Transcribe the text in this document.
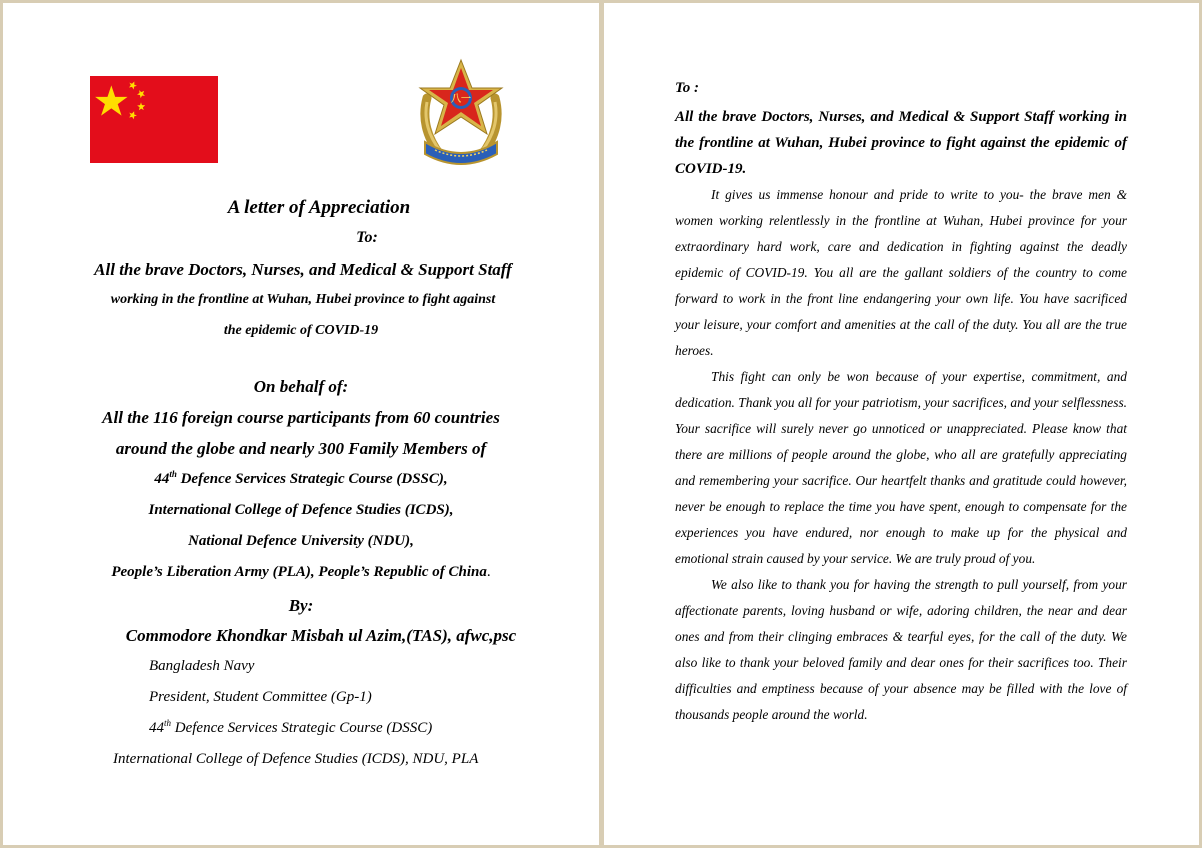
八一
A letter of Appreciation
To:
All the brave Doctors, Nurses, and Medical & Support Staff
working in the frontline at Wuhan, Hubei province to fight against
the epidemic of COVID-19
On behalf of:
All the 116 foreign course participants from 60 countries
around the globe and nearly 300 Family Members of
44th Defence Services Strategic Course (DSSC),
International College of Defence Studies (ICDS),
National Defence University (NDU),
People’s Liberation Army (PLA), People’s Republic of China.
By:
Commodore Khondkar Misbah ul Azim,(TAS), afwc,psc
Bangladesh Navy
President, Student Committee (Gp-1)
44th Defence Services Strategic Course (DSSC)
International College of Defence Studies (ICDS), NDU, PLA
To :
All the brave Doctors, Nurses, and Medical & Support Staff working in the frontline at Wuhan, Hubei province to fight against the epidemic of COVID-19.

It gives us immense honour and pride to write to you- the brave men & women working relentlessly in the frontline at Wuhan, Hubei province for your extraordinary hard work, care and dedication in fighting against the deadly epidemic of COVID-19. You all are the gallant soldiers of the country to come forward to work in the front line endangering your own life. You have sacrificed your leisure, your comfort and amenities at the call of the duty. You all are the true heroes.

This fight can only be won because of your expertise, commitment, and dedication. Thank you all for your patriotism, your sacrifices, and your selflessness. Your sacrifice will surely never go unnoticed or unappreciated. Please know that there are millions of people around the globe, who all are gratefully appreciating and remembering your sacrifice. Our heartfelt thanks and gratitude could however, never be enough to replace the time you have spent, enough to compensate for the experiences you have endured, nor enough to make up for the physical and emotional strain caused by your service. We are truly proud of you.

We also like to thank you for having the strength to pull yourself, from your affectionate parents, loving husband or wife, adoring children, the near and dear ones and from their clinging embraces & tearful eyes, for the call of the duty. We also like to thank your beloved family and dear ones for their sacrifices too. Their difficulties and emptiness because of your absence may be filled with the love of thousands people around the world.
